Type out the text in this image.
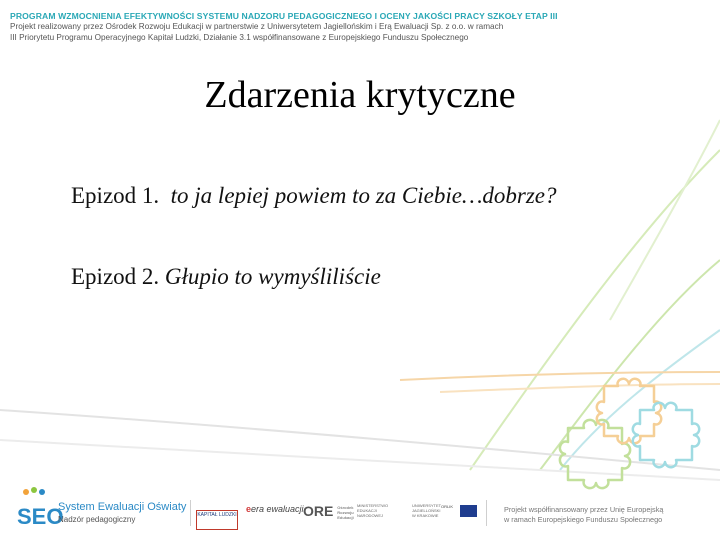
PROGRAM WZMOCNIENIA EFEKTYWNOŚCI SYSTEMU NADZORU PEDAGOGICZNEGO I OCENY JAKOŚCI PRACY SZKOŁY ETAP III
Projekt realizowany przez Ośrodek Rozwoju Edukacji w partnerstwie z Uniwersytetem Jagiellońskim i Erą Ewaluacji Sp. z o.o. w ramach
III Priorytetu Programu Operacyjnego Kapitał Ludzki, Działanie 3.1 współfinansowane z Europejskiego Funduszu Społecznego
Zdarzenia krytyczne
Epizod 1. to ja lepiej powiem to za Ciebie…dobrze?
Epizod 2. Głupio to wymyśliliście
SEO
System Ewaluacji Oświaty
Nadzór pedagogiczny	KAPITAŁ LUDZKI
eera ewaluacji ORE Ośrodek Rozwoju Edukacji
MINISTERSTWO EDUKACJI NARODOWEJ
UNIWERSYTET JAGIELLOŃSKI W KRAKOWIE
ORLIK	Projekt współfinansowany przez Unię Europejską
w ramach Europejskiego Funduszu Społecznego
